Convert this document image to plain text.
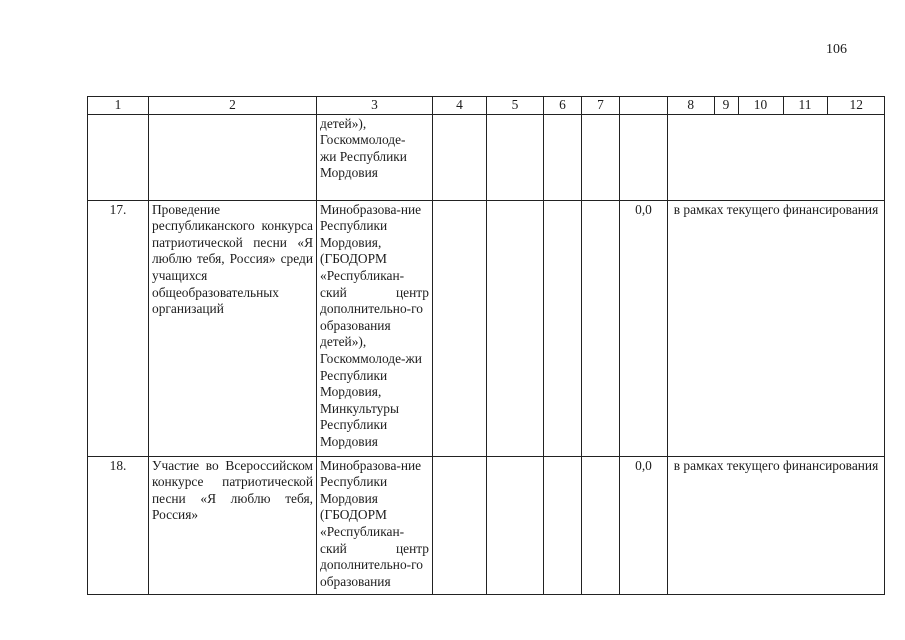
106
1	2	3	4	5	6	7			8	9	10	11	12

		детей»),
Госкоммолоде-
жи Республики
Мордовия						
17.	Проведение республиканского конкурса патриотической песни «Я люблю тебя, Россия» среди учащихся общеобразовательных организаций	Минобразова-ние Республики Мордовия, (ГБОДОРМ «Республикан-ский центр дополнительно-го образования детей»), Госкоммолоде-жи Республики Мордовия, Минкультуры Республики Мордовия					0,0	в рамках текущего финансирования
18.	Участие во Всероссийском конкурсе патриотической песни «Я люблю тебя, Россия»	Минобразова-ние Республики Мордовия (ГБОДОРМ «Республикан-ский центр дополнительно-го образования					0,0	в рамках текущего финансирования
